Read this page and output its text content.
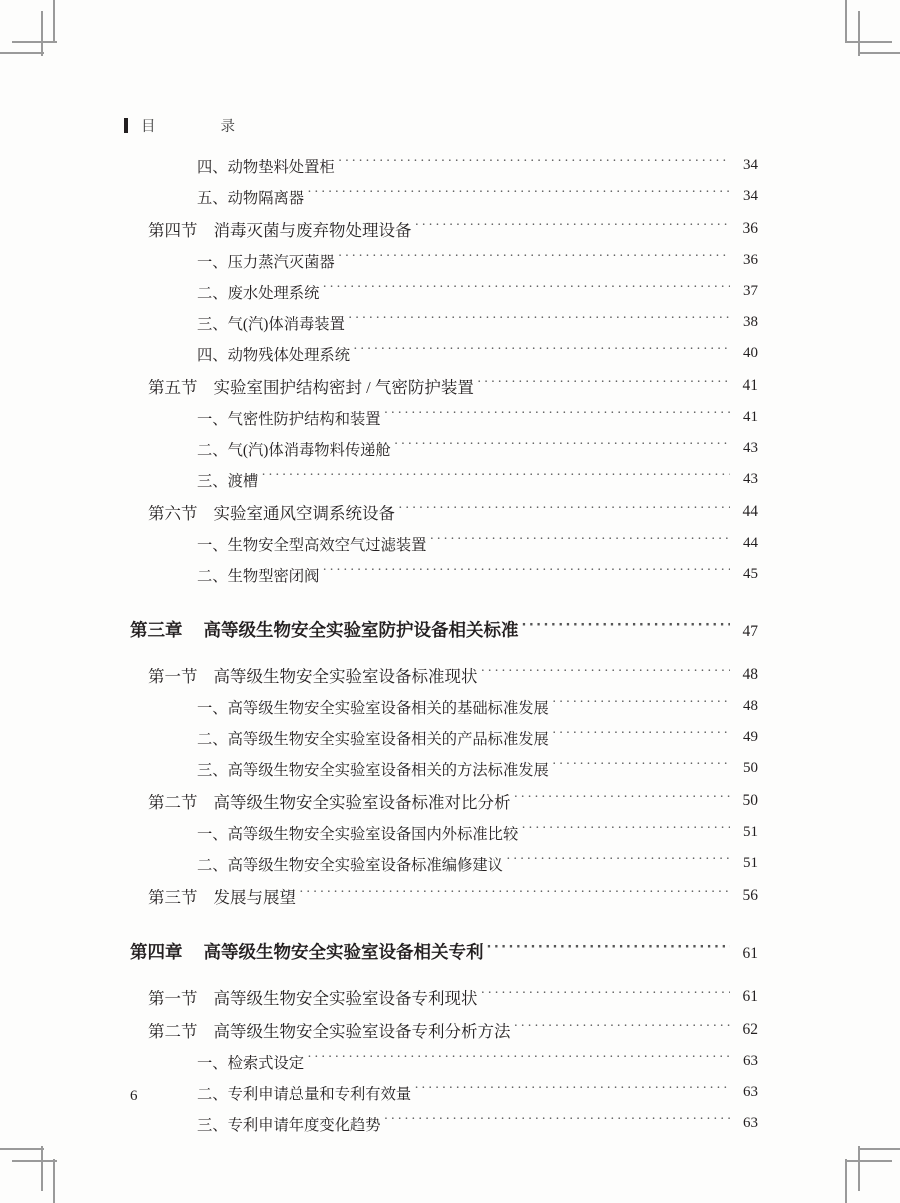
目　　录
四、动物垫料处置柜 ·····	34
五、动物隔离器 ·····	34
第四节 消毒灭菌与废弃物处理设备 ·····	36
一、压力蒸汽灭菌器 ·····	36
二、废水处理系统 ·····	37
三、气(汽)体消毒装置 ·····	38
四、动物残体处理系统 ·····	40
第五节 实验室围护结构密封 / 气密防护装置 ·····	41
一、气密性防护结构和装置 ·····	41
二、气(汽)体消毒物料传递舱 ·····	43
三、渡槽 ·····	43
第六节 实验室通风空调系统设备 ·····	44
一、生物安全型高效空气过滤装置 ·····	44
二、生物型密闭阀 ·····	45
第三章 高等级生物安全实验室防护设备相关标准 ·····	47
第一节 高等级生物安全实验室设备标准现状 ·····	48
一、高等级生物安全实验室设备相关的基础标准发展 ·····	48
二、高等级生物安全实验室设备相关的产品标准发展 ·····	49
三、高等级生物安全实验室设备相关的方法标准发展 ·····	50
第二节 高等级生物安全实验室设备标准对比分析 ·····	50
一、高等级生物安全实验室设备国内外标准比较 ·····	51
二、高等级生物安全实验室设备标准编修建议 ·····	51
第三节 发展与展望 ·····	56
第四章 高等级生物安全实验室设备相关专利 ·····	61
第一节 高等级生物安全实验室设备专利现状 ·····	61
第二节 高等级生物安全实验室设备专利分析方法 ·····	62
一、检索式设定 ·····	63
二、专利申请总量和专利有效量 ·····	63
三、专利申请年度变化趋势 ·····	63
6
